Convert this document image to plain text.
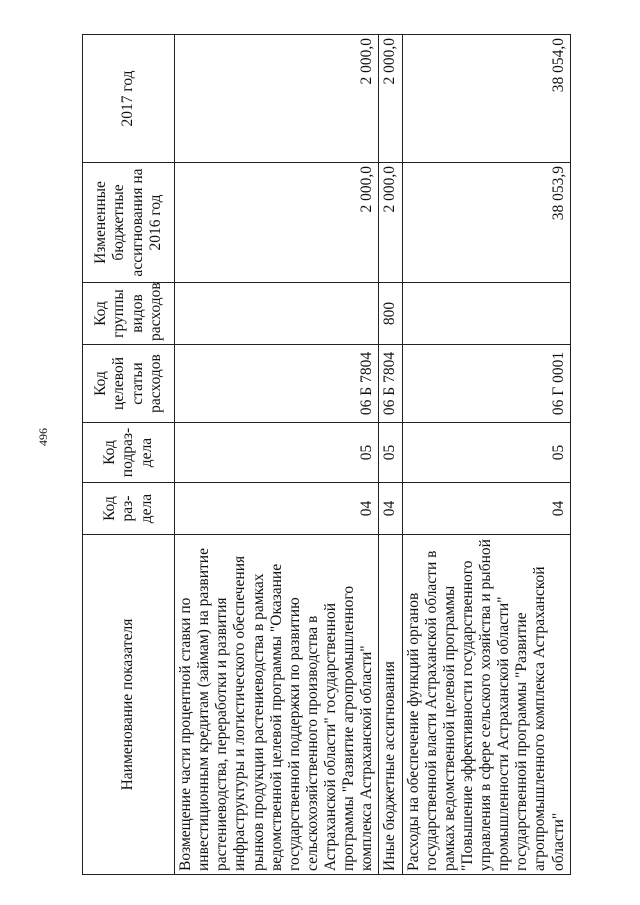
496
Наименование показателя	Код раз-дела	Код подраз-дела	Код целевой статьи расходов	Код группы видов расходов	Измененные бюджетные ассигнования на 2016 год	2017 год
Возмещение части процентной ставки по инвестиционным кредитам (займам) на развитие растениеводства, переработки и развития инфраструктуры и логистического обеспечения рынков продукции растениеводства в рамках ведомственной целевой программы "Оказание государственной поддержки по развитию сельскохозяйственного производства в Астраханской области" государственной программы "Развитие агропромышленного комплекса Астраханской области"	04	05	06 Б 7804		2 000,0	2 000,0
Иные бюджетные ассигнования	04	05	06 Б 7804	800	2 000,0	2 000,0
Расходы на обеспечение функций органов государственной власти Астраханской области в рамках ведомственной целевой программы "Повышение эффективности государственного управления в сфере сельского хозяйства и рыбной промышленности Астраханской области" государственной программы "Развитие агропромышленного комплекса Астраханской области"	04	05	06 Г 0001		38 053,9	38 054,0
